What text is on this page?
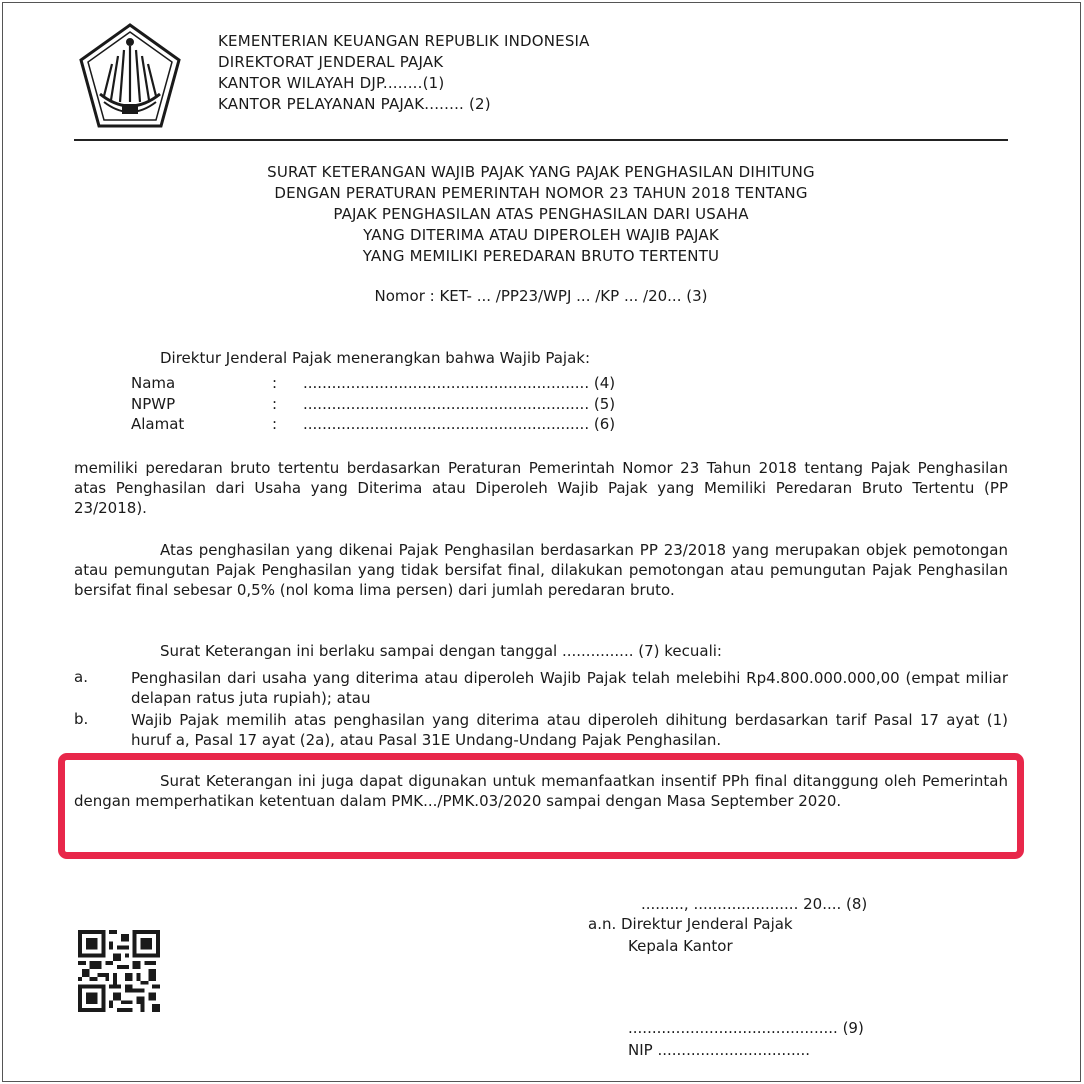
KEMENTERIAN KEUANGAN REPUBLIK INDONESIA
DIREKTORAT JENDERAL PAJAK
KANTOR WILAYAH DJP........(1)
KANTOR PELAYANAN PAJAK........ (2)
SURAT KETERANGAN WAJIB PAJAK YANG PAJAK PENGHASILAN DIHITUNG
DENGAN PERATURAN PEMERINTAH NOMOR 23 TAHUN 2018 TENTANG
PAJAK PENGHASILAN ATAS PENGHASILAN DARI USAHA
YANG DITERIMA ATAU DIPEROLEH WAJIB PAJAK
YANG MEMILIKI PEREDARAN BRUTO TERTENTU
Nomor : KET- ... /PP23/WPJ ... /KP ... /20... (3)
Direktur Jenderal Pajak menerangkan bahwa Wajib Pajak:
Nama	: ............................................................ (4)
NPWP	: ............................................................ (5)
Alamat	: ............................................................ (6)
memiliki peredaran bruto tertentu berdasarkan Peraturan Pemerintah Nomor 23 Tahun 2018 tentang Pajak Penghasilan atas Penghasilan dari Usaha yang Diterima atau Diperoleh Wajib Pajak yang Memiliki Peredaran Bruto Tertentu (PP 23/2018).
Atas penghasilan yang dikenai Pajak Penghasilan berdasarkan PP 23/2018 yang merupakan objek pemotongan atau pemungutan Pajak Penghasilan yang tidak bersifat final, dilakukan pemotongan atau pemungutan Pajak Penghasilan bersifat final sebesar 0,5% (nol koma lima persen) dari jumlah peredaran bruto.
Surat Keterangan ini berlaku sampai dengan tanggal ............... (7) kecuali:
a.	Penghasilan dari usaha yang diterima atau diperoleh Wajib Pajak telah melebihi Rp4.800.000.000,00 (empat miliar delapan ratus juta rupiah); atau
b.	Wajib Pajak memilih atas penghasilan yang diterima atau diperoleh dihitung berdasarkan tarif Pasal 17 ayat (1) huruf a, Pasal 17 ayat (2a), atau Pasal 31E Undang-Undang Pajak Penghasilan.
Surat Keterangan ini juga dapat digunakan untuk memanfaatkan insentif PPh final ditanggung oleh Pemerintah dengan memperhatikan ketentuan dalam PMK.../PMK.03/2020 sampai dengan Masa September 2020.
........., ...................... 20.... (8)
a.n. Direktur Jenderal Pajak
Kepala Kantor
............................................ (9)
NIP ................................
